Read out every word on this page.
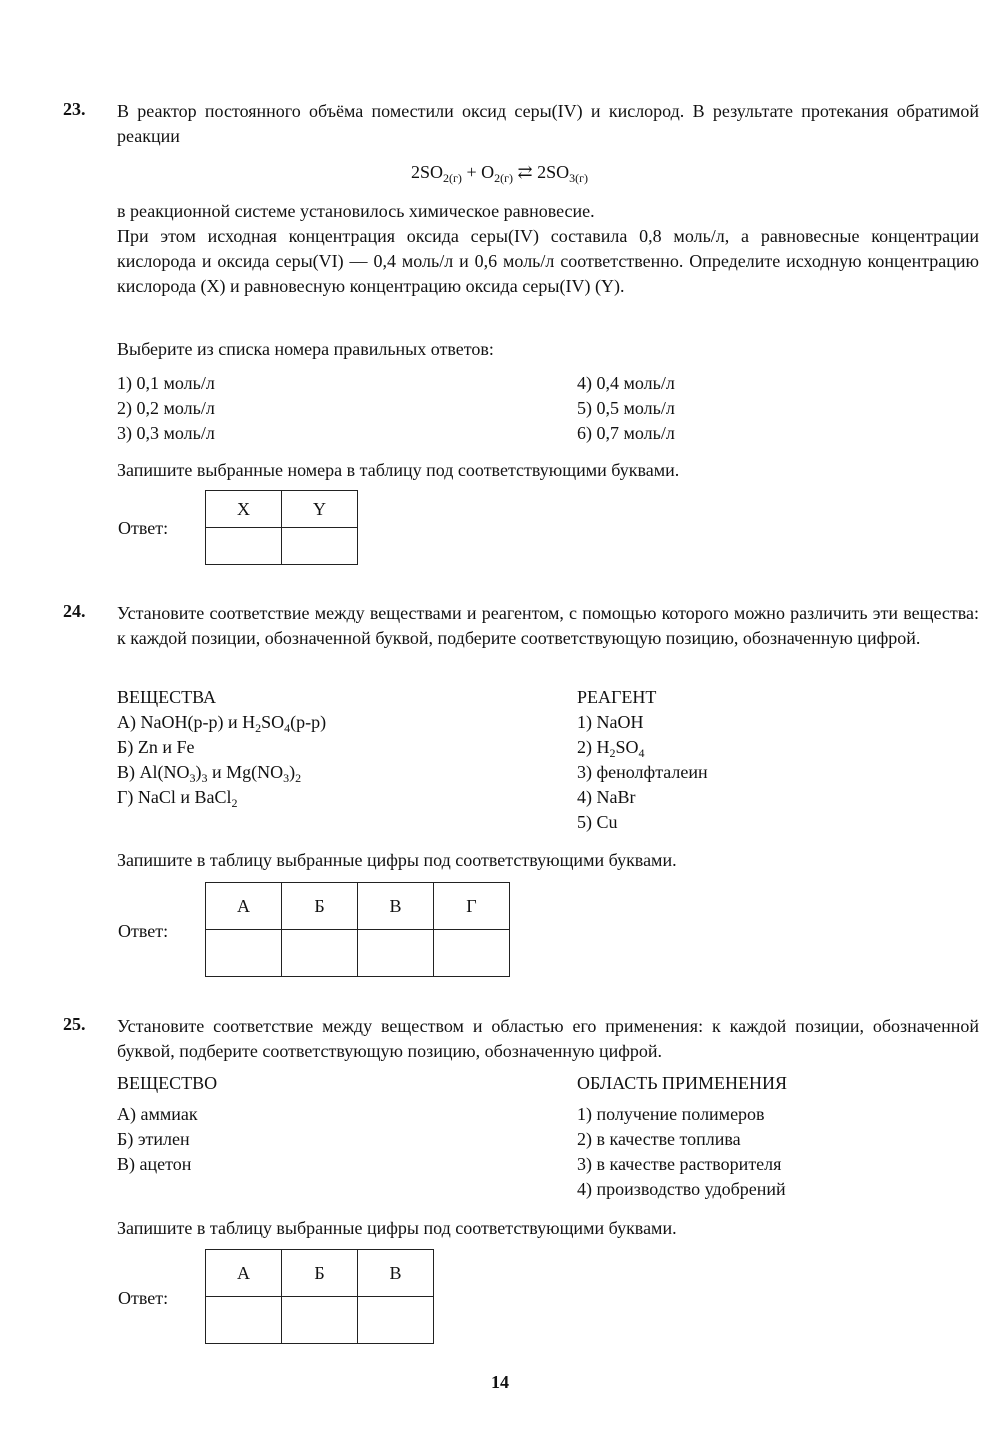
23. В реактор постоянного объёма поместили оксид серы(IV) и кислород. В результате протекания обратимой реакции
$2SO_{2(г)} + O_{2(г)}$ ⇄ $2SO_{3(г)}$
в реакционной системе установилось химическое равновесие.
При этом исходная концентрация оксида серы(IV) составила 0,8 моль/л, а равновесные концентрации кислорода и оксида серы(VI) — 0,4 моль/л и 0,6 моль/л соответственно. Определите исходную концентрацию кислорода (X) и равновесную концентрацию оксида серы(IV) (Y).
Выберите из списка номера правильных ответов:
1) 0,1 моль/л
2) 0,2 моль/л
3) 0,3 моль/л
4) 0,4 моль/л
5) 0,5 моль/л
6) 0,7 моль/л
Запишите выбранные номера в таблицу под соответствующими буквами.
Ответ:
X	Y

24. Установите соответствие между веществами и реагентом, с помощью которого можно различить эти вещества: к каждой позиции, обозначенной буквой, подберите соответствующую позицию, обозначенную цифрой.
ВЕЩЕСТВА	РЕАГЕНТ
А) NaOH(р-р) и $H_2SO_4(р-р)$
Б) Zn и Fe
В) $Al(NO_3)_3$ и $Mg(NO_3)_2$
Г) NaCl и BaCl$_2$
1) NaOH
2) $H_2SO_4$
3) фенолфталеин
4) NaBr
5) Cu
Запишите в таблицу выбранные цифры под соответствующими буквами.
Ответ:
А	Б	В	Г

25. Установите соответствие между веществом и областью его применения: к каждой позиции, обозначенной буквой, подберите соответствующую позицию, обозначенную цифрой.
ВЕЩЕСТВО	ОБЛАСТЬ ПРИМЕНЕНИЯ
А) аммиак
Б) этилен
В) ацетон
1) получение полимеров
2) в качестве топлива
3) в качестве растворителя
4) производство удобрений
Запишите в таблицу выбранные цифры под соответствующими буквами.
Ответ:
А	Б	В

14
